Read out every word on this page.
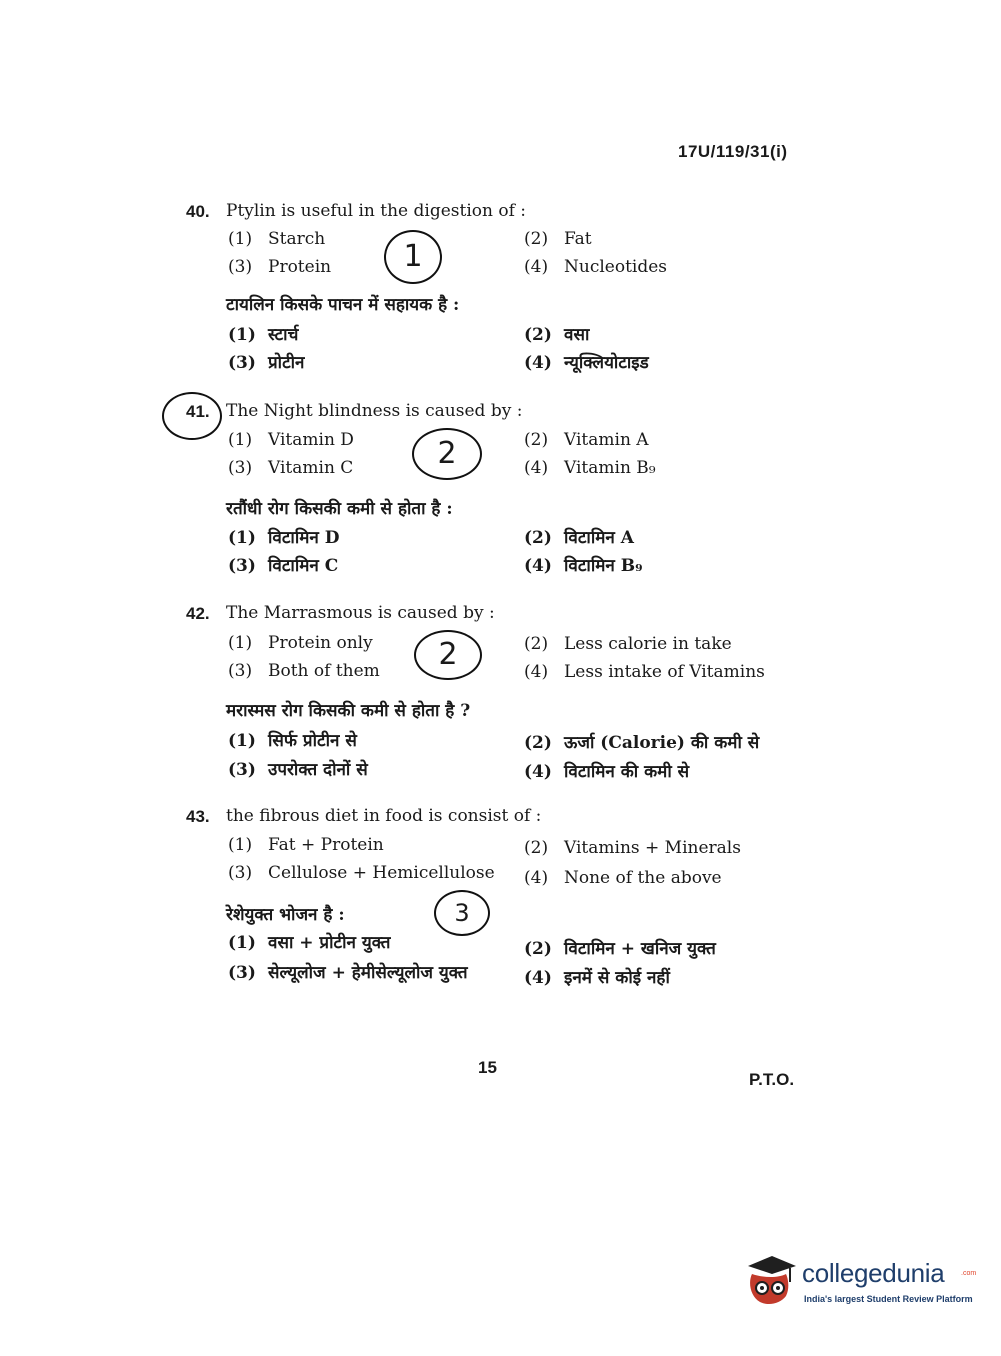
17U/119/31(i)
40. Ptylin is useful in the digestion of :
(1) Starch	(2) Fat
(3) Protein	(4) Nucleotides
1
टायलिन किसके पाचन में सहायक है :
(1) स्टार्च	(2) वसा
(3) प्रोटीन	(4) न्यूक्लियोटाइड
41. The Night blindness is caused by :
(1) Vitamin D	(2) Vitamin A
(3) Vitamin C	(4) Vitamin B₉
2
रतौंधी रोग किसकी कमी से होता है :
(1) विटामिन D	(2) विटामिन A
(3) विटामिन C	(4) विटामिन B₉
42. The Marrasmous is caused by :
(1) Protein only	(2) Less calorie in take
(3) Both of them	(4) Less intake of Vitamins
2
मरास्मस रोग किसकी कमी से होता है ?
(1) सिर्फ प्रोटीन से	(2) ऊर्जा (Calorie) की कमी से
(3) उपरोक्त दोनों से	(4) विटामिन की कमी से
43. the fibrous diet in food is consist of :
(1) Fat + Protein	(2) Vitamins + Minerals
(3) Cellulose + Hemicellulose (4) None of the above
रेशेयुक्त भोजन है :	3
(1) वसा + प्रोटीन युक्त	(2) विटामिन + खनिज युक्त
(3) सेल्यूलोज + हेमीसेल्यूलोज युक्त	(4) इनमें से कोई नहीं
15
P.T.O.
collegedunia .com
India's largest Student Review Platform
